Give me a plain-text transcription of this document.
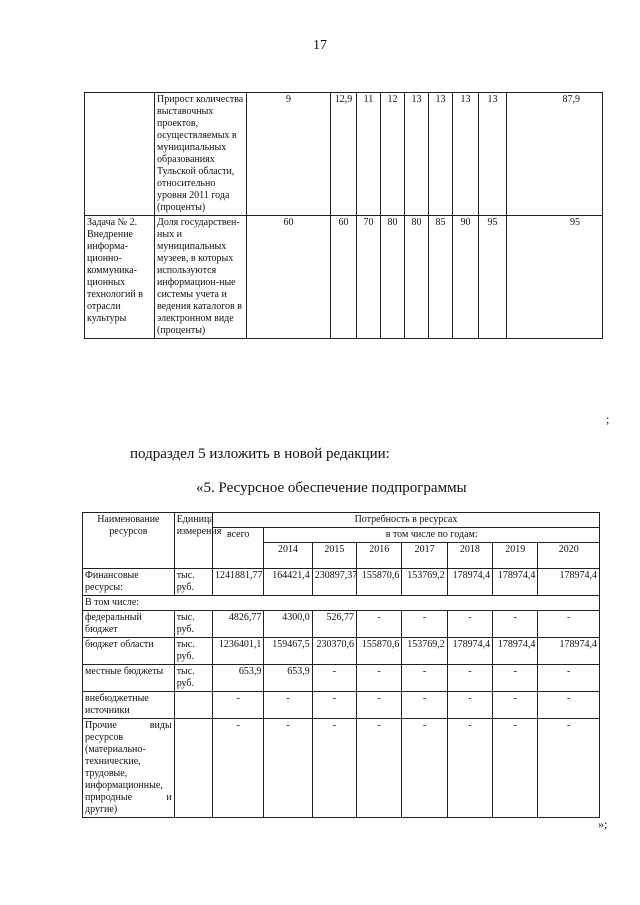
17
	Прирост количества выставочных проектов, осуществляемых в муниципальных образованиях Тульской области, относительно уровня 2011 года (проценты)	9	12,9	11	12	13	13	13	13	87,9
Задача № 2. Внедрение информа-ционно-коммуника-ционных технологий в отрасли культуры	Доля государствен-ных и муниципальных музеев, в которых используются информацион-ные системы учета и ведения каталогов в электронном виде (проценты)	60	60	70	80	80	85	90	95	95
;
подраздел 5 изложить в новой редакции:
«5. Ресурсное обеспечение подпрограммы
Наименование ресурсов	Единица измерения	Потребность в ресурсах							
		всего	в том числе по годам:						
			2014	2015	2016	2017	2018	2019	2020
Финансовые ресурсы:	тыс. руб.	1241881,77	164421,4	230897,37	155870,6	153769,2	178974,4	178974,4	178974,4
В том числе:									
федеральный бюджет	тыс. руб.	4826,77	4300,0	526,77	-	-	-	-	-
бюджет области	тыс. руб.	1236401,1	159467,5	230370,6	155870,6	153769,2	178974,4	178974,4	178974,4
местные бюджеты	тыс. руб.	653,9	653,9	-	-	-	-	-	-
внебюджетные источники		-	-	-	-	-	-	-	-
Прочие виды ресурсов (материально-технические, трудовые, информационные, природные и другие)		-	-	-	-	-	-	-	-
»;
